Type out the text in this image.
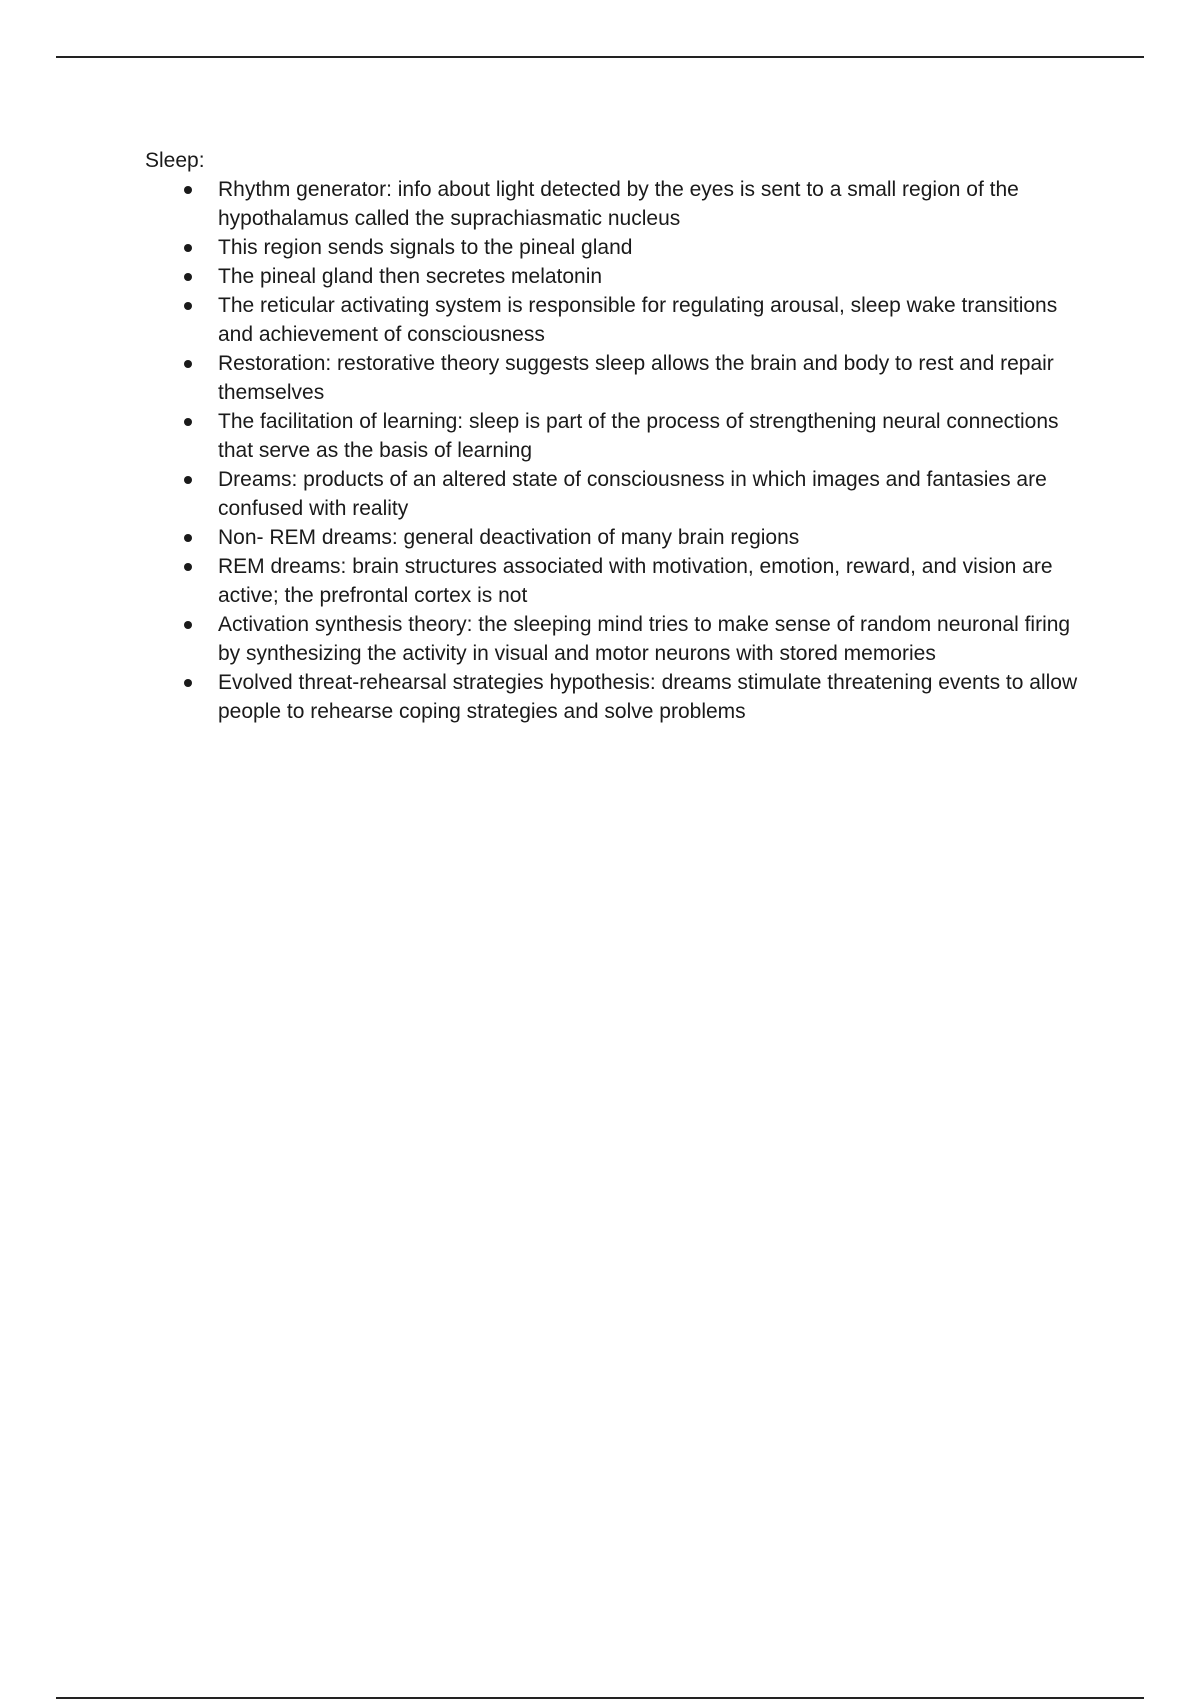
Sleep:

Rhythm generator: info about light detected by the eyes is sent to a small region of the hypothalamus called the suprachiasmatic nucleus
This region sends signals to the pineal gland
The pineal gland then secretes melatonin
The reticular activating system is responsible for regulating arousal, sleep wake transitions and achievement of consciousness
Restoration: restorative theory suggests sleep allows the brain and body to rest and repair themselves
The facilitation of learning: sleep is part of the process of strengthening neural connections that serve as the basis of learning
Dreams: products of an altered state of consciousness in which images and fantasies are confused with reality
Non- REM dreams: general deactivation of many brain regions
REM dreams: brain structures associated with motivation, emotion, reward, and vision are active; the prefrontal cortex is not
Activation synthesis theory: the sleeping mind tries to make sense of random neuronal firing by synthesizing the activity in visual and motor neurons with stored memories
Evolved threat-rehearsal strategies hypothesis: dreams stimulate threatening events to allow people to rehearse coping strategies and solve problems
